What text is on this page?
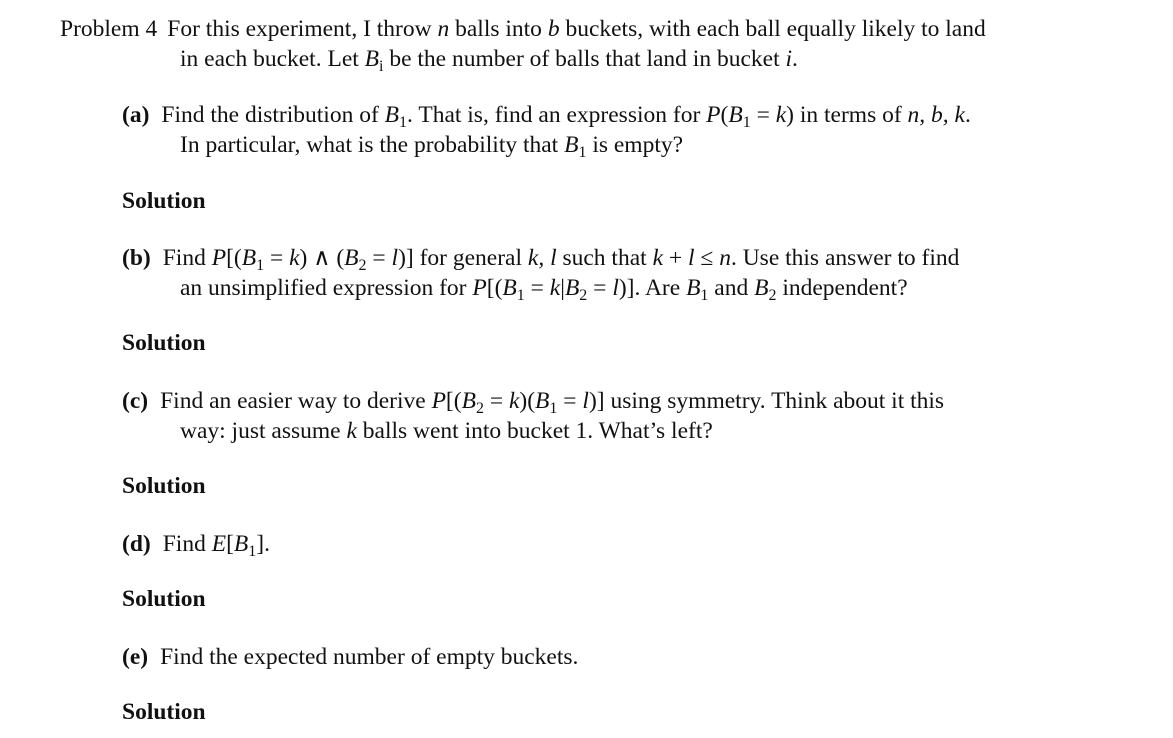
Problem 4 For this experiment, I throw n balls into b buckets, with each ball equally likely to land
in each bucket. Let $B_i$ be the number of balls that land in bucket i.
(a) Find the distribution of $B_1$. That is, find an expression for $P(B_1 = k)$ in terms of n, b, k.
In particular, what is the probability that $B_1$ is empty?
Solution
(b) Find $P[(B_1 = k)$ ∧ $(B_2 = l)$] for general k, l such that k + l ≤ n. Use this answer to find
an unsimplified expression for $P[(B_1 = k|B_2 = l)]$. Are $B_1$ and $B_2$ independent?
Solution
(c) Find an easier way to derive $P[(B_2 = k)(B_1 = l)]$ using symmetry. Think about it this
way: just assume k balls went into bucket 1. What’s left?
Solution
(d) Find $E[B_1]$.
Solution
(e) Find the expected number of empty buckets.
Solution
